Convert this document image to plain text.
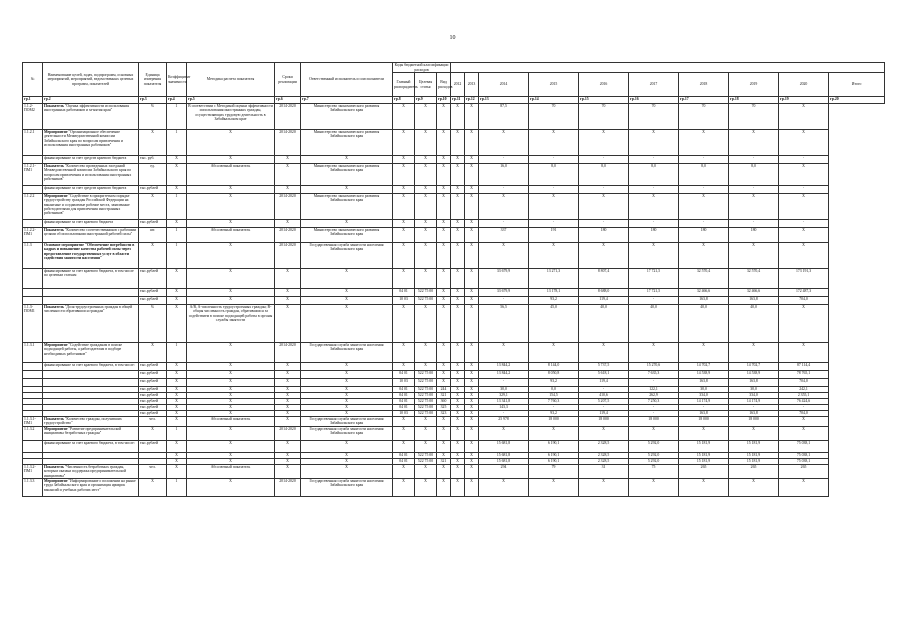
10
№	Наименование целей, задач, подпрограмм, основных мероприятий, мероприятий, ведомственных целевых программ, показателей	Единица измерения показателя	Коэффициент значимости	Методика расчета показателя	Сроки реализации	Ответственный исполнитель и соисполнители	Коды бюджетной классификации расходов												
							Главный распорядитель	Целевая статья	Вид расходов	2012	2013	2014	2015	2016	2017	2018	2019	2020	Итого
гр.1	гр.2	гр.3	гр.4	гр.5	гр.6	гр.7	гр.8	гр.9	гр.10	гр.11	гр.12	гр.13	гр.14	гр.15	гр.16	гр.17	гр.18	гр.19	гр.20
1.1.2-ПОМ2	Показатель "Оценка эффективности использования иностранных работников и за-нятия края"	%	1	В соответствии с Методикой оценки эффективности использования иностранных граждан, осуществляющих трудовую деятельность в Забайкальском крае	2014-2020	Министерство экономического развития Забайкальского края	Х	Х	Х	Х	Х	87,5	70	70	70	70	70	Х	
1.1.2.1	Мероприятие "Организационное обеспечение деятельности Межведомственной комиссии Забайкальского края по вопросам привлечения и использования иностранных работников"	Х	1	Х	2014-2020	Министерство экономического развития Забайкальского края	Х	Х	Х	Х	Х	Х	Х	Х	Х	Х	Х	Х	
	финансирование за счет средств краевого бюджета	тыс. руб.	Х	Х	Х	Х	Х	Х	Х	Х	Х	-	-	-	-	-	-	-	
1.1.2.1-ПМ1	Показатель "Количество проведенных заседаний Межведомственной комиссии Забайкальского края по вопросам привлечения и использования иностранных работников"	ед.	Х	Абсолютный показатель	Х	Министерство экономического развития Забайкальского края	Х	Х	Х	Х	Х	16,0	8,0	8,0	8,0	8,0	8,0	Х	
	финансирование за счет средств краевого бюджета	тыс.рублей	Х	Х	Х	Х	Х	Х	Х	Х	Х	-	-	-	-	-	-	-	
1.1.2.2	Мероприятие "Содействие в приоритетном порядке трудоустройству граждан Российской Федерации на вакантные и создаваемые рабочие места, заявленные работодателями для привлечения иностранных работников"	Х	1	Х	2014-2020	Министерство экономического развития Забайкальского края	Х	Х	Х	Х	Х	Х	Х	Х	Х	Х	Х	Х	
	финансирование за счет краевого бюджета	тыс.рублей	Х	Х	Х	Х	Х	Х	Х	Х	Х	-	-	-	-	-	-	-	
1.1.2.2-ПМ1	Показатель "Количество соотечественников с рабочими целями об использовании иностранной рабочей силы"	шт.	1	Абсолютный показатель	2014-2020	Министерство экономического развития Забайкальского края	Х	Х	Х	Х	Х	337	191	180	180	180	180	Х	
1.1.3	Основное мероприятие "Обеспечение потребности в кадрах и повышение качества рабочей силы через предоставление государственных услуг в области содействия занятости населения"	Х	1	Х	2014-2020	Государственная служба занятости населения Забайкальского края	Х	Х	Х	Х	Х	Х	Х	Х	Х	Х	Х	Х	
	финансирование за счет краевого бюджета, в том числе по целевым статьям	тыс.рублей	Х	Х	Х	Х	Х	Х	Х	Х	Х	33 679,9	13 271,3	8 807,4	17 721,5	32 570,4	32 570,4	173 191,3	
		тыс.рублей	Х	Х	Х	Х	04 01	522 75 00	Х	Х	Х	33 679,9	13 178,1	8 688,0	17 721,5	32 466,6	32 466,6	172 487,3	
		тыс.рублей	Х	Х	Х	Х	10 03	522 75 00	Х	Х	Х	-	93,2	119,4	-	163,8	163,8	704,0	
1.1.3-ПОМ1	Показатель "Доля трудоустроенных граждан в общей численности обратившихся граждан"	%	Х	A/B, A-численность трудоустроенных граждан; B- общая численность граждан, обратившихся за содействием в поиске подходящей работы в органы службы занятости	Х	Х	Х	Х	Х	Х	Х	56,5	45,0	40,0	40,0	40,0	40,0	Х	
1.1.3.1	Мероприятие "Содействие гражданам в поиске подходящей работы, а работодателям в подборе необходимых работников"	Х	1	Х	2014-2020	Государственная служба занятости населения Забайкальского края	Х	Х	Х	Х	Х	Х	Х	Х	Х	Х	Х	Х	
	финансирование за счет краевого бюджета, в том числе:	тыс.рублей	Х	Х	Х	Х	Х	Х	Х	Х	Х	13 844,2	8 144,0	5 737,5	15 270,6	14 702,7	14 702,7	87 114,4	
		тыс.рублей	Х	Х	Х	Х	04 01	522 75 00	Х	Х	Х	13 844,2	8 050,8	5 618,1	7 635,3	14 538,9	14 538,9	78 765,1	
		тыс.рублей	Х	Х	Х	Х	10 03	522 75 00	Х	Х	Х	-	93,2	119,4	-	163,8	163,8	704,0	
		тыс.рублей	Х	Х	Х	Х	04 01	522 75 00	244	Х	Х	30,0	0,0	-	122,1	30,0	30,0	242,1	
		тыс.рублей	Х	Х	Х	Х	04 01	522 75 00	321	Х	Х	329,1	154,5	410,6	262,9	334,0	334,0	2 355,1	
		тыс.рублей	Х	Х	Х	Х	04 01	522 75 00	360	Х	Х	13 341,8	7 760,3	5 207,5	7 250,3	14 174,9	14 174,9	76 424,6	
		тыс.рублей	Х	Х	Х	Х	04 01	522 75 00	325	Х	Х	143,3	-	-	-	-	-	-	
		тыс.рублей	Х	Х	Х	Х	10 03	522 75 00	323	Х	Х	-	93,2	119,4	-	163,8	163,8	704,0	
1.1.3.1-ПМ1	Показатель "Количество граждан, получивших трудоустройство"	чел.	Х	Абсолютный показатель	Х	Государственная служба занятости населения Забайкальского края	Х	Х	Х	Х	Х	25 978	18 000	18 000	18 000	18 000	18 000	Х	
1.1.3.2	Мероприятие "Развитие предпринимательской инициативы безработных граждан"	Х	1	Х	2014-2020	Государственная служба занятости населения Забайкальского края	Х	Х	Х	Х	Х	Х	Х	Х	Х	Х	Х	Х	
	финансирование за счет краевого бюджета, в том числе:	тыс.рублей	Х	Х	Х	Х	Х	Х	Х	Х	Х	15 681,8	6 190,1	2 328,5	5 292,0	15 181,9	15 181,9	75 038,1	
			Х	Х	Х	Х	04 01	522 75 00	Х	Х	Х	15 681,8	6 190,1	2 328,5	5 292,0	15 181,9	15 181,9	75 038,1	
			Х	Х	Х	Х	04 01	522 75 00	321	Х	Х	15 681,8	6 190,1	2 328,5	5 292,0	15 181,9	15 181,9	75 038,1	
1.1.3.2-ПМ1	Показатель "Численность безработных граждан, которым оказана поддержка предпринимательской инициативы"	чел.	Х	Абсолютный показатель	Х	Х	Х	Х	Х	Х	Х	294	79	31	75	265	265	265	
1.1.3.3	Мероприятие "Информирование о положении на рынке труда Забайкальского края и организация ярмарок вакансий и учебных рабочих мест"	Х	1	Х	2014-2020	Государственная служба занятости населения Забайкальского края	Х	Х	Х	Х	Х	Х	Х	Х	Х	Х	Х	Х	
